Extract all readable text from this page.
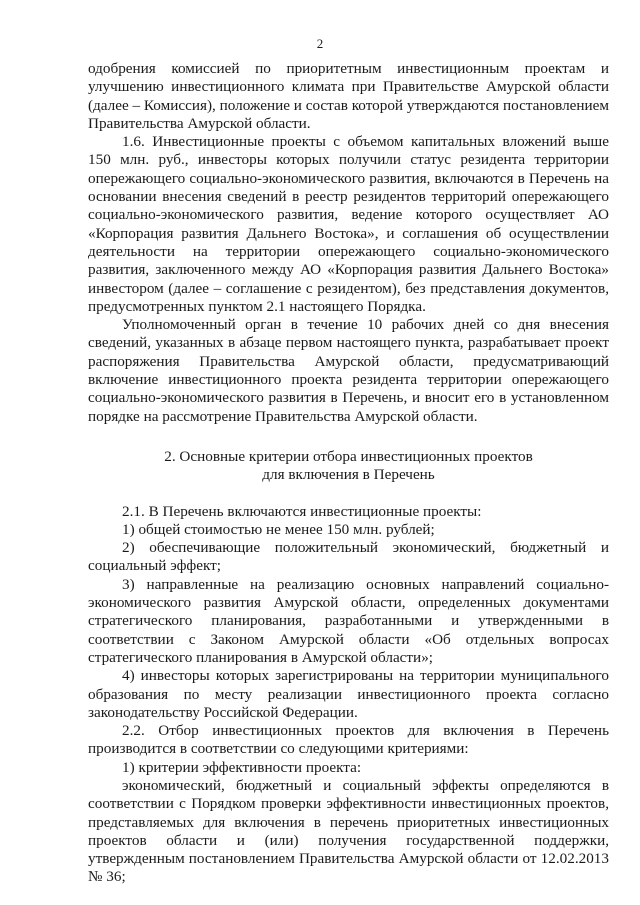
2

одобрения комиссией по приоритетным инвестиционным проектам и улучшению инвестиционного климата при Правительстве Амурской области (далее – Комиссия), положение и состав которой утверждаются постановлением Правительства Амурской области.

1.6. Инвестиционные проекты с объемом капитальных вложений выше 150 млн. руб., инвесторы которых получили статус резидента территории опережающего социально-экономического развития, включаются в Перечень на основании внесения сведений в реестр резидентов территорий опережающего социально-экономического развития, ведение которого осуществляет АО «Корпорация развития Дальнего Востока», и соглашения об осуществлении деятельности на территории опережающего социально-экономического развития, заключенного между АО «Корпорация развития Дальнего Востока» инвестором (далее – соглашение с резидентом), без представления документов, предусмотренных пунктом 2.1 настоящего Порядка.

Уполномоченный орган в течение 10 рабочих дней со дня внесения сведений, указанных в абзаце первом настоящего пункта, разрабатывает проект распоряжения Правительства Амурской области, предусматривающий включение инвестиционного проекта резидента территории опережающего социально-экономического развития в Перечень, и вносит его в установленном порядке на рассмотрение Правительства Амурской области.

2. Основные критерии отбора инвестиционных проектов
для включения в Перечень

2.1. В Перечень включаются инвестиционные проекты:

1) общей стоимостью не менее 150 млн. рублей;

2) обеспечивающие положительный экономический, бюджетный и социальный эффект;

3) направленные на реализацию основных направлений социально-экономического развития Амурской области, определенных документами стратегического планирования, разработанными и утвержденными в соответствии с Законом Амурской области «Об отдельных вопросах стратегического планирования в Амурской области»;

4) инвесторы которых зарегистрированы на территории муниципального образования по месту реализации инвестиционного проекта согласно законодательству Российской Федерации.

2.2. Отбор инвестиционных проектов для включения в Перечень производится в соответствии со следующими критериями:

1) критерии эффективности проекта:

экономический, бюджетный и социальный эффекты определяются в соответствии с Порядком проверки эффективности инвестиционных проектов, представляемых для включения в перечень приоритетных инвестиционных проектов области и (или) получения государственной поддержки, утвержденным постановлением Правительства Амурской области от 12.02.2013 № 36;
